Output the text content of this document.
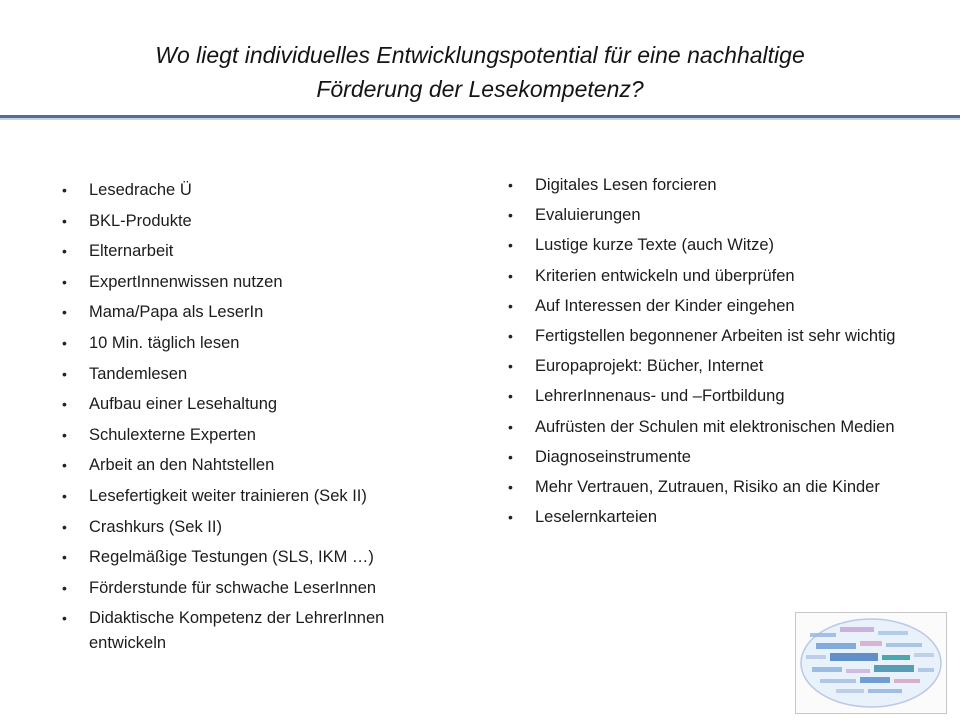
Wo liegt individuelles Entwicklungspotential für eine nachhaltige
Förderung der Lesekompetenz?
• Lesedrache Ü
• BKL-Produkte
• Elternarbeit
• ExpertInnenwissen nutzen
• Mama/Papa als LeserIn
• 10 Min. täglich lesen
• Tandemlesen
• Aufbau einer Lesehaltung
• Schulexterne Experten
• Arbeit an den Nahtstellen
• Lesefertigkeit weiter trainieren (Sek II)
• Crashkurs (Sek II)
• Regelmäßige Testungen (SLS, IKM …)
• Förderstunde für schwache LeserInnen
• Didaktische Kompetenz der LehrerInnen entwickeln
• Digitales Lesen forcieren
• Evaluierungen
• Lustige kurze Texte (auch Witze)
• Kriterien entwickeln und überprüfen
• Auf Interessen der Kinder eingehen
• Fertigstellen begonnener Arbeiten ist sehr wichtig
• Europaprojekt: Bücher, Internet
• LehrerInnenaus- und –Fortbildung
• Aufrüsten der Schulen mit elektronischen Medien
• Diagnoseinstrumente
• Mehr Vertrauen, Zutrauen, Risiko an die Kinder
• Leselernkarteien
